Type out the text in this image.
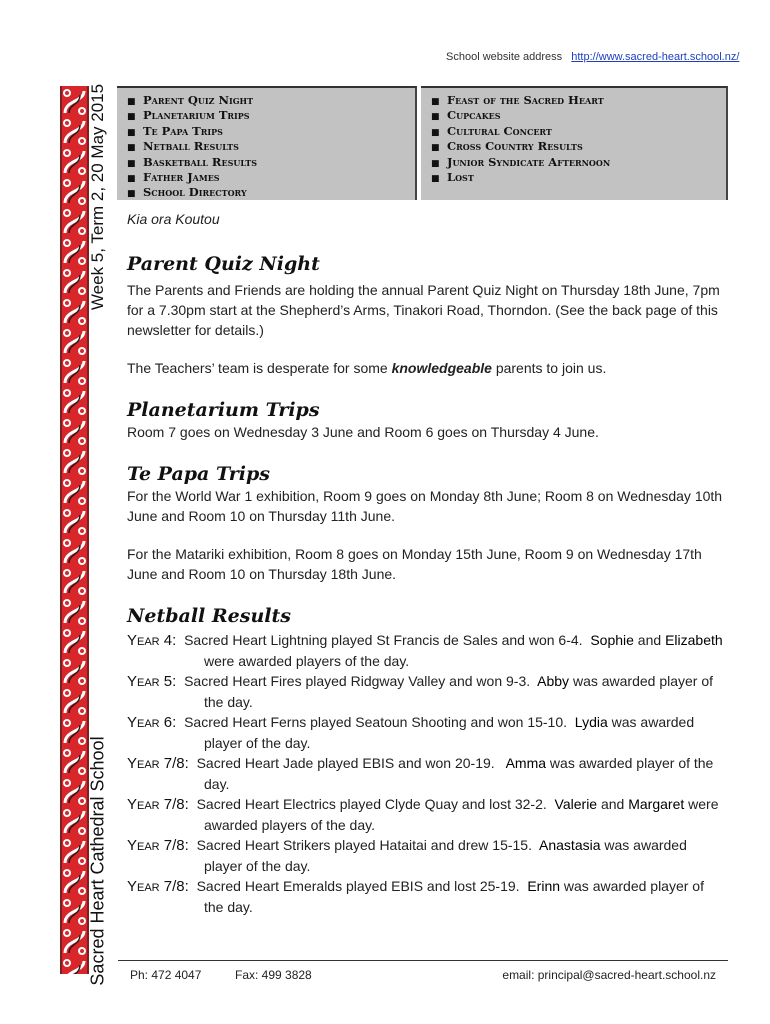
School website address http://www.sacred-heart.school.nz/
Week 5, Term 2, 20 May 2015
Sacred Heart Cathedral School
■ Parent Quiz Night
■ Planetarium Trips
■ Te Papa Trips
■ Netball Results
■ Basketball Results
■ Father James
■ School Directory
■ Feast of the Sacred Heart
■ Cupcakes
■ Cultural Concert
■ Cross Country Results
■ Junior Syndicate Afternoon
■ Lost

Kia ora Koutou

Parent Quiz Night

The Parents and Friends are holding the annual Parent Quiz Night on Thursday 18th June, 7pm for a 7.30pm start at the Shepherd’s Arms, Tinakori Road, Thorndon. (See the back page of this newsletter for details.)

The Teachers’ team is desperate for some knowledgeable parents to join us.

Planetarium Trips

Room 7 goes on Wednesday 3 June and Room 6 goes on Thursday 4 June.

Te Papa Trips

For the World War 1 exhibition, Room 9 goes on Monday 8th June; Room 8 on Wednesday 10th June and Room 10 on Thursday 11th June.

For the Matariki exhibition, Room 8 goes on Monday 15th June, Room 9 on Wednesday 17th June and Room 10 on Thursday 18th June.

Netball Results

Year 4: Sacred Heart Lightning played St Francis de Sales and won 6-4. Sophie and Elizabeth were awarded players of the day.

Year 5: Sacred Heart Fires played Ridgway Valley and won 9-3. Abby was awarded player of the day.

Year 6: Sacred Heart Ferns played Seatoun Shooting and won 15-10. Lydia was awarded player of the day.

Year 7/8: Sacred Heart Jade played EBIS and won 20-19.   Amma was awarded player of the day.

Year 7/8: Sacred Heart Electrics played Clyde Quay and lost 32-2. Valerie and Margaret were awarded players of the day.

Year 7/8: Sacred Heart Strikers played Hataitai and drew 15-15. Anastasia was awarded player of the day.

Year 7/8: Sacred Heart Emeralds played EBIS and lost 25-19. Erinn was awarded player of the day.

Ph: 472 4047	Fax: 499 3828	email: principal@sacred-heart.school.nz
